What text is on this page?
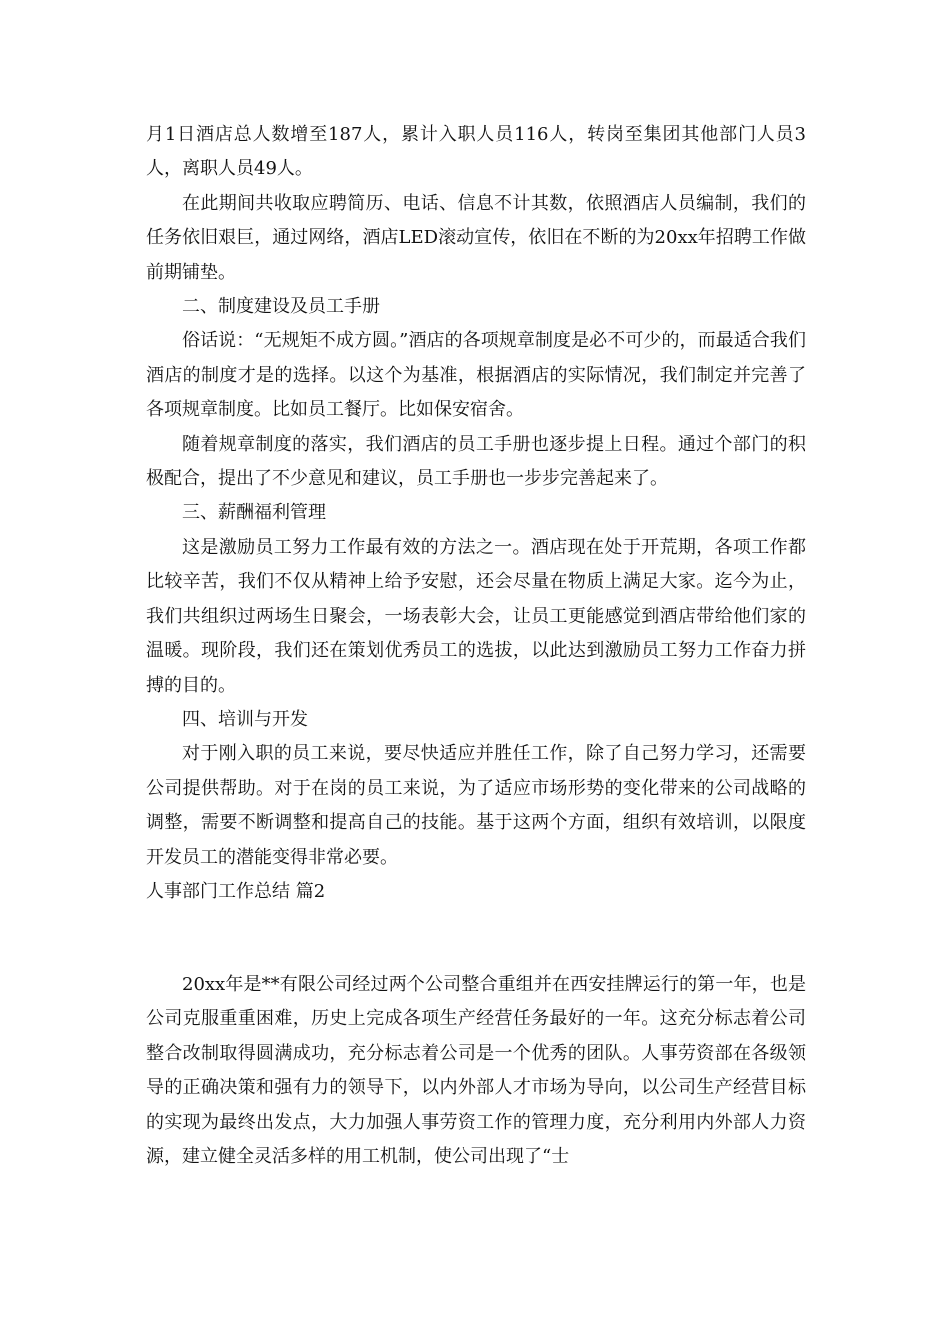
月1日酒店总人数增至187人，累计入职人员116人，转岗至集团其他部门人员3人，离职人员49人。

在此期间共收取应聘简历、电话、信息不计其数，依照酒店人员编制，我们的任务依旧艰巨，通过网络，酒店LED滚动宣传，依旧在不断的为20xx年招聘工作做前期铺垫。

二、制度建设及员工手册

俗话说：“无规矩不成方圆。”酒店的各项规章制度是必不可少的，而最适合我们酒店的制度才是的选择。以这个为基准，根据酒店的实际情况，我们制定并完善了各项规章制度。比如员工餐厅。比如保安宿舍。

随着规章制度的落实，我们酒店的员工手册也逐步提上日程。通过个部门的积极配合，提出了不少意见和建议，员工手册也一步步完善起来了。

三、薪酬福利管理

这是激励员工努力工作最有效的方法之一。酒店现在处于开荒期，各项工作都比较辛苦，我们不仅从精神上给予安慰，还会尽量在物质上满足大家。迄今为止，我们共组织过两场生日聚会，一场表彰大会，让员工更能感觉到酒店带给他们家的温暖。现阶段，我们还在策划优秀员工的选拔，以此达到激励员工努力工作奋力拼搏的目的。

四、培训与开发

对于刚入职的员工来说，要尽快适应并胜任工作，除了自己努力学习，还需要公司提供帮助。对于在岗的员工来说，为了适应市场形势的变化带来的公司战略的调整，需要不断调整和提高自己的技能。基于这两个方面，组织有效培训，以限度开发员工的潜能变得非常必要。

人事部门工作总结 篇2

20xx年是**有限公司经过两个公司整合重组并在西安挂牌运行的第一年，也是公司克服重重困难，历史上完成各项生产经营任务最好的一年。这充分标志着公司整合改制取得圆满成功，充分标志着公司是一个优秀的团队。人事劳资部在各级领导的正确决策和强有力的领导下，以内外部人才市场为导向，以公司生产经营目标的实现为最终出发点，大力加强人事劳资工作的管理力度，充分利用内外部人力资源，建立健全灵活多样的用工机制，使公司出现了“士
